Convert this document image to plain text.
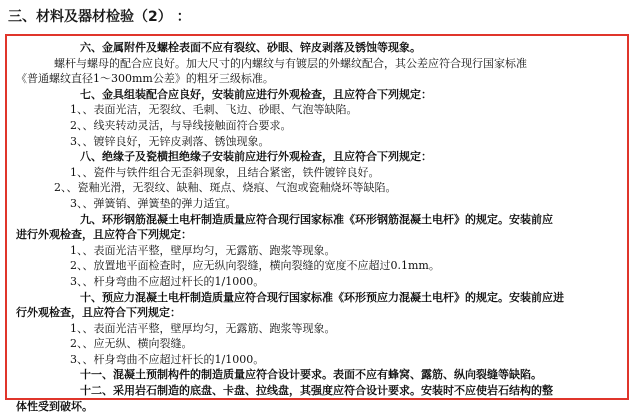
三、材料及器材检验（2） ：
六、金属附件及螺栓表面不应有裂纹、砂眼、锌皮剥落及锈蚀等现象。
螺杆与螺母的配合应良好。加大尺寸的内螺纹与有镀层的外螺纹配合，其公差应符合现行国家标准
《普通螺纹直径1～300mm公差》的粗牙三级标准。
七、金具组装配合应良好，安装前应进行外观检查，且应符合下列规定：
1、、表面光洁，无裂纹、毛刺、飞边、砂眼、气泡等缺陷。
2、、线夹转动灵活，与导线接触面符合要求。
3、、镀锌良好，无锌皮剥落、锈蚀现象。
八、绝缘子及瓷横担绝缘子安装前应进行外观检查，且应符合下列规定：
1、、瓷件与铁件组合无歪斜现象，且结合紧密，铁件镀锌良好。
2、、瓷釉光滑，无裂纹、缺釉、斑点、烧痕、气泡或瓷釉烧坏等缺陷。
3、、弹簧销、弹簧垫的弹力适宜。
九、环形钢筋混凝土电杆制造质量应符合现行国家标准《环形钢筋混凝土电杆》的规定。安装前应
进行外观检查，且应符合下列规定：
1、、表面光洁平整，壁厚均匀，无露筋、跑浆等现象。
2、、放置地平面检查时，应无纵向裂缝，横向裂缝的宽度不应超过0.1mm。
3、、杆身弯曲不应超过杆长的1/1000。
十、预应力混凝土电杆制造质量应符合现行国家标准《环形预应力混凝土电杆》的规定。安装前应进
行外观检查，且应符合下列规定：
1、、表面光洁平整，壁厚均匀，无露筋、跑浆等现象。
2、、应无纵、横向裂缝。
3、、杆身弯曲不应超过杆长的1/1000。
十一、混凝土预制构件的制造质量应符合设计要求。表面不应有蜂窝、露筋、纵向裂缝等缺陷。
十二、采用岩石制造的底盘、卡盘、拉线盘，其强度应符合设计要求。安装时不应使岩石结构的整
体性受到破坏。
